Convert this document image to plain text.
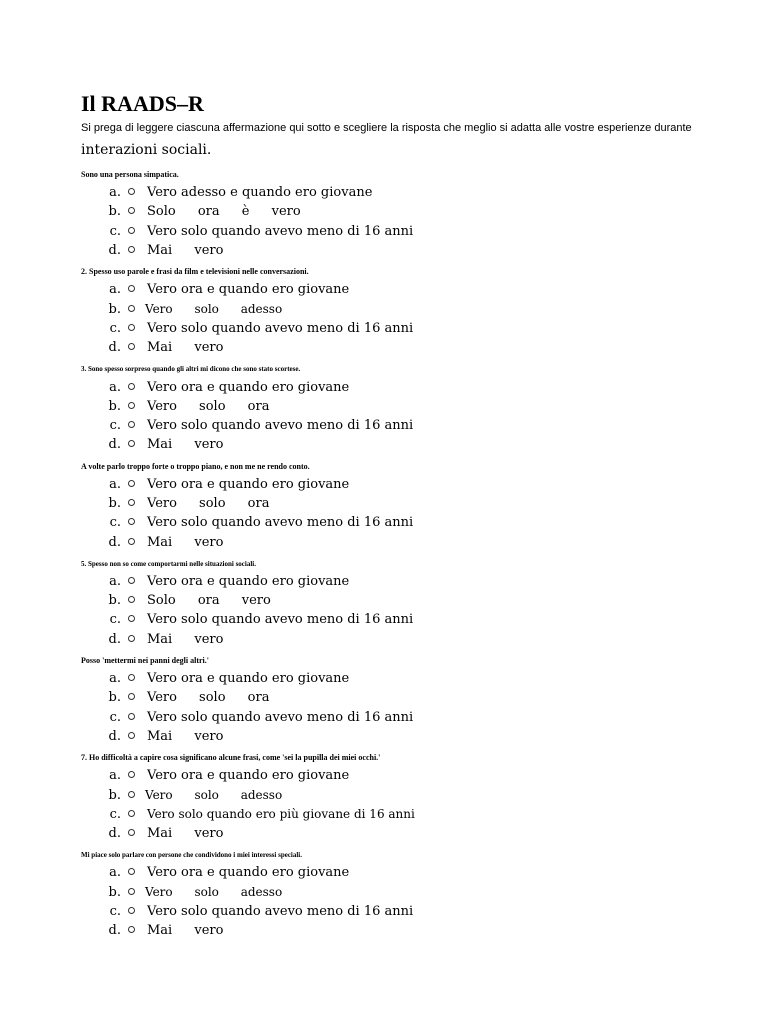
Il RAADS–R
Si prega di leggere ciascuna affermazione qui sotto e scegliere la risposta che meglio si adatta alle vostre esperienze durante
interazioni sociali.
Sono una persona simpatica.
a. Vero adesso e quando ero giovane
b. Solo ora è vero
c. Vero solo quando avevo meno di 16 anni
d. Mai vero
2. Spesso uso parole e frasi da film e televisioni nelle conversazioni.
a. Vero ora e quando ero giovane
b. Vero solo adesso
c. Vero solo quando avevo meno di 16 anni
d. Mai vero
3. Sono spesso sorpreso quando gli altri mi dicono che sono stato scortese.
a. Vero ora e quando ero giovane
b. Vero solo ora
c. Vero solo quando avevo meno di 16 anni
d. Mai vero
A volte parlo troppo forte o troppo piano, e non me ne rendo conto.
a. Vero ora e quando ero giovane
b. Vero solo ora
c. Vero solo quando avevo meno di 16 anni
d. Mai vero
5. Spesso non so come comportarmi nelle situazioni sociali.
a. Vero ora e quando ero giovane
b. Solo ora vero
c. Vero solo quando avevo meno di 16 anni
d. Mai vero
Posso 'mettermi nei panni degli altri.'
a. Vero ora e quando ero giovane
b. Vero solo ora
c. Vero solo quando avevo meno di 16 anni
d. Mai vero
7. Ho difficoltà a capire cosa significano alcune frasi, come 'sei la pupilla dei miei occhi.'
a. Vero ora e quando ero giovane
b. Vero solo adesso
c. Vero solo quando ero più giovane di 16 anni
d. Mai vero
Mi piace solo parlare con persone che condividono i miei interessi speciali.
a. Vero ora e quando ero giovane
b. Vero solo adesso
c. Vero solo quando avevo meno di 16 anni
d. Mai vero
